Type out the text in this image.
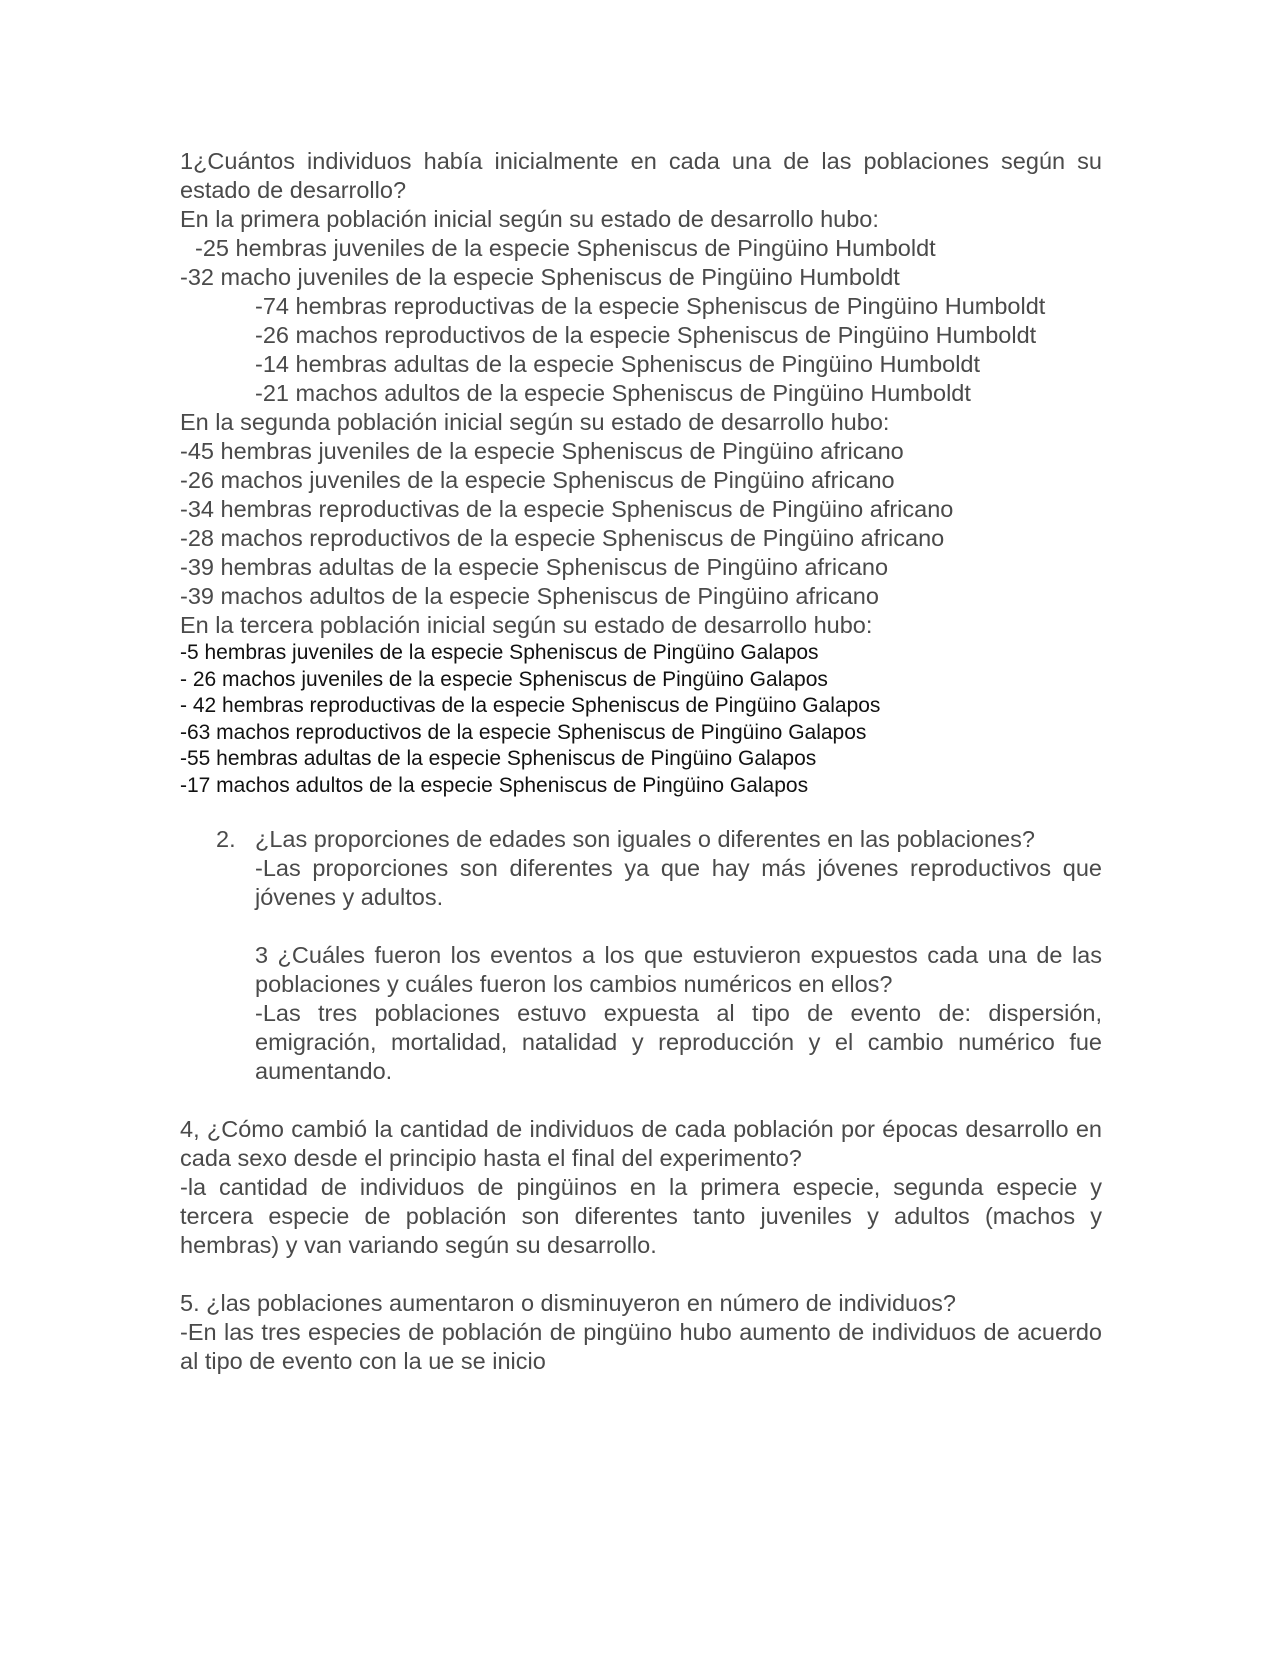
1¿Cuántos individuos había inicialmente en cada una de las poblaciones según su estado de desarrollo?
En la primera población inicial según su estado de desarrollo hubo:
-25 hembras juveniles de la especie Spheniscus de Pingüino Humboldt
-32 macho juveniles de la especie Spheniscus de Pingüino Humboldt
-74 hembras reproductivas de la especie Spheniscus de Pingüino Humboldt
-26 machos reproductivos de la especie Spheniscus de Pingüino Humboldt
-14 hembras adultas de la especie Spheniscus de Pingüino Humboldt
-21 machos adultos de la especie Spheniscus de Pingüino Humboldt
En la segunda población inicial según su estado de desarrollo hubo:
-45 hembras juveniles de la especie Spheniscus de Pingüino africano
-26 machos juveniles de la especie Spheniscus de Pingüino africano
-34 hembras reproductivas de la especie Spheniscus de Pingüino africano
-28 machos reproductivos de la especie Spheniscus de Pingüino africano
-39 hembras adultas de la especie Spheniscus de Pingüino africano
-39 machos adultos de la especie Spheniscus de Pingüino africano
En la tercera población inicial según su estado de desarrollo hubo:
-5 hembras juveniles de la especie Spheniscus de Pingüino Galapos
- 26 machos juveniles de la especie Spheniscus de Pingüino Galapos
- 42 hembras reproductivas de la especie Spheniscus de Pingüino Galapos
-63 machos reproductivos de la especie Spheniscus de Pingüino Galapos
-55 hembras adultas de la especie Spheniscus de Pingüino Galapos
-17 machos adultos de la especie Spheniscus de Pingüino Galapos
2. ¿Las proporciones de edades son iguales o diferentes en las poblaciones?
-Las proporciones son diferentes ya que hay más jóvenes reproductivos que jóvenes y adultos.
3 ¿Cuáles fueron los eventos a los que estuvieron expuestos cada una de las poblaciones y cuáles fueron los cambios numéricos en ellos?
-Las tres poblaciones estuvo expuesta al tipo de evento de: dispersión, emigración, mortalidad, natalidad y reproducción y el cambio numérico fue aumentando.
4, ¿Cómo cambió la cantidad de individuos de cada población por épocas desarrollo en cada sexo desde el principio hasta el final del experimento?
-la cantidad de individuos de pingüinos en la primera especie, segunda especie y tercera especie de población son diferentes tanto juveniles y adultos (machos y hembras) y van variando según su desarrollo.
5. ¿las poblaciones aumentaron o disminuyeron en número de individuos?
-En las tres especies de población de pingüino hubo aumento de individuos de acuerdo al tipo de evento con la ue se inicio
